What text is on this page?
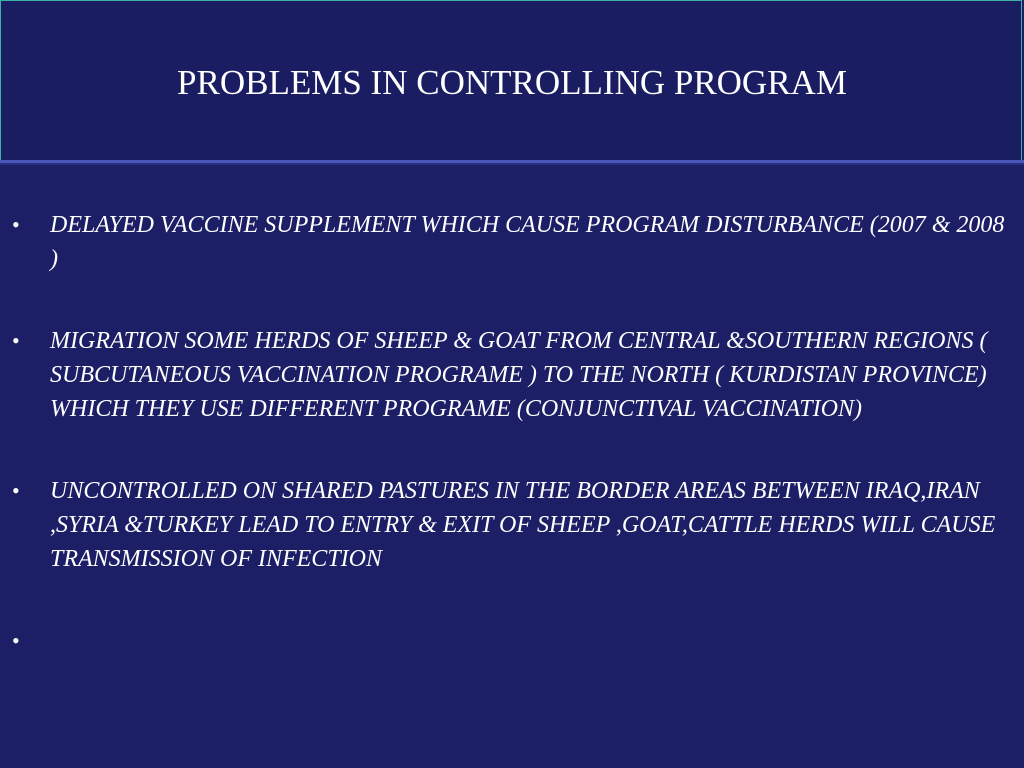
PROBLEMS IN CONTROLLING PROGRAM
• DELAYED VACCINE SUPPLEMENT WHICH CAUSE PROGRAM DISTURBANCE (2007 & 2008 )
• MIGRATION SOME HERDS OF SHEEP & GOAT FROM CENTRAL &SOUTHERN REGIONS ( SUBCUTANEOUS VACCINATION PROGRAME ) TO THE NORTH ( KURDISTAN PROVINCE) WHICH THEY USE DIFFERENT PROGRAME (CONJUNCTIVAL VACCINATION)
• UNCONTROLLED ON SHARED PASTURES IN THE BORDER AREAS BETWEEN IRAQ,IRAN ,SYRIA &TURKEY LEAD TO ENTRY & EXIT OF SHEEP ,GOAT,CATTLE HERDS WILL CAUSE TRANSMISSION OF INFECTION
•
